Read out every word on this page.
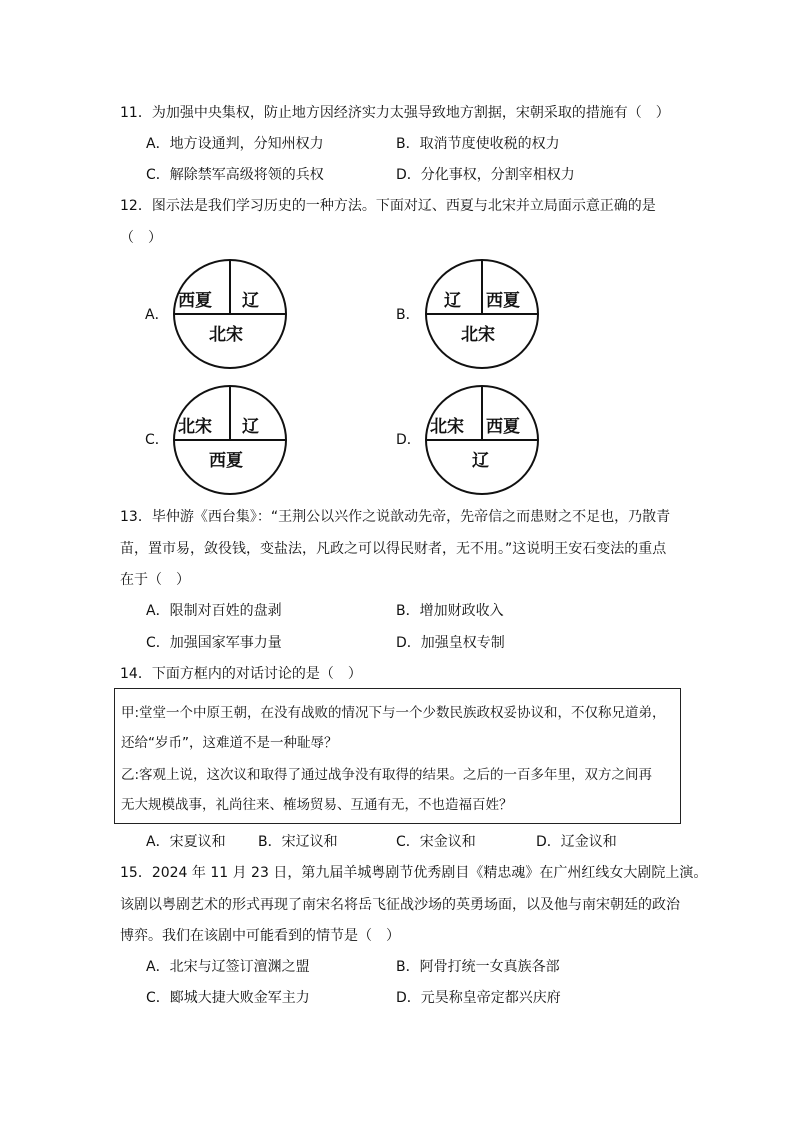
11．为加强中央集权，防止地方因经济实力太强导致地方割据，宋朝采取的措施有（　）
A．地方设通判，分知州权力	B．取消节度使收税的权力
C．解除禁军高级将领的兵权	D．分化事权，分割宰相权力
12．图示法是我们学习历史的一种方法。下面对辽、西夏与北宋并立局面示意正确的是
（　）
A．	B．
C．	D．
西夏 辽
北宋
辽 西夏
北宋
北宋 辽
西夏
北宋 西夏
辽
13．毕仲游《西台集》：“王荆公以兴作之说歆动先帝，先帝信之而患财之不足也，乃散青
苗，置市易，敛役钱，变盐法，凡政之可以得民财者，无不用。”这说明王安石变法的重点
在于（　）
A．限制对百姓的盘剥	B．增加财政收入
C．加强国家军事力量	D．加强皇权专制
14．下面方框内的对话讨论的是（　）
甲:堂堂一个中原王朝，在没有战败的情况下与一个少数民族政权妥协议和，不仅称兄道弟，
还给“岁币”，这难道不是一种耻辱？
乙:客观上说，这次议和取得了通过战争没有取得的结果。之后的一百多年里，双方之间再
无大规模战事，礼尚往来、榷场贸易、互通有无，不也造福百姓？
A．宋夏议和 B．宋辽议和	C．宋金议和	D．辽金议和
15．2024 年 11 月 23 日，第九届羊城粤剧节优秀剧目《精忠魂》在广州红线女大剧院上演。
该剧以粤剧艺术的形式再现了南宋名将岳飞征战沙场的英勇场面，以及他与南宋朝廷的政治
博弈。我们在该剧中可能看到的情节是（　）
A．北宋与辽签订澶渊之盟	B．阿骨打统一女真族各部
C．郾城大捷大败金军主力	D．元昊称皇帝定都兴庆府
